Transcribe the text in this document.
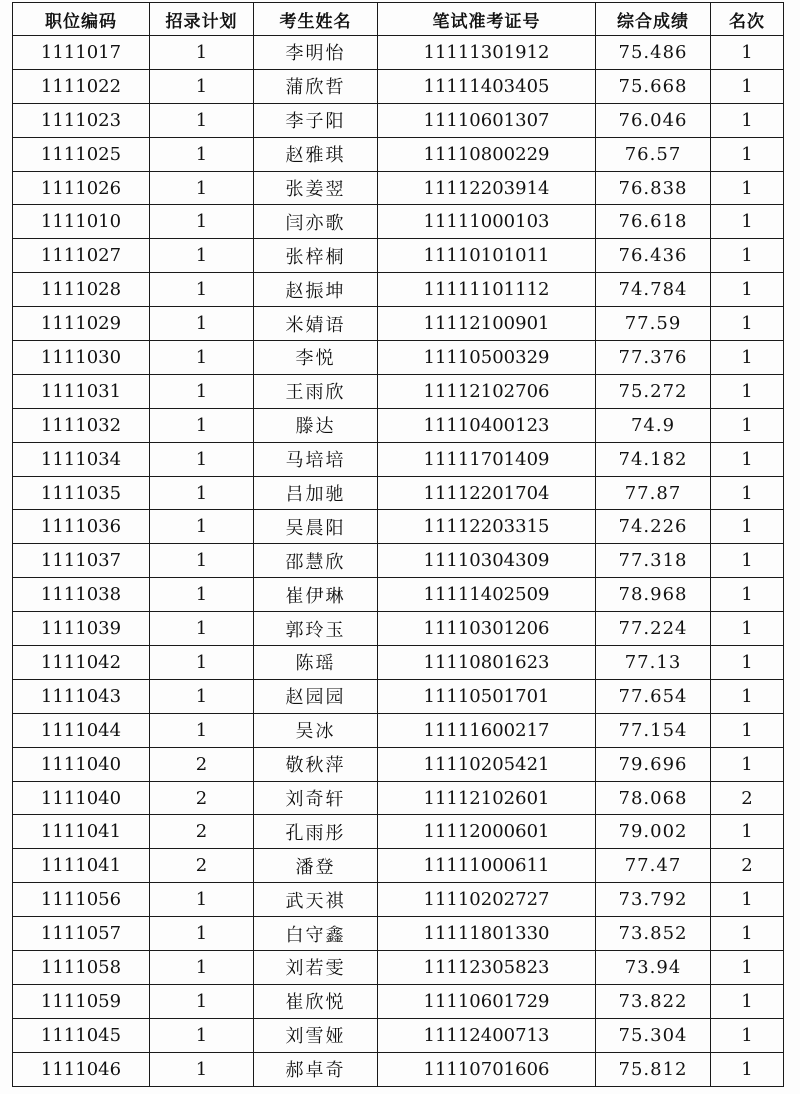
职位编码	招录计划	考生姓名	笔试准考证号	综合成绩	名次
1111017	1	李明怡	11111301912	75.486	1
1111022	1	蒲欣哲	11111403405	75.668	1
1111023	1	李子阳	11110601307	76.046	1
1111025	1	赵雅琪	11110800229	76.57	1
1111026	1	张姜翌	11112203914	76.838	1
1111010	1	闫亦歌	11111000103	76.618	1
1111027	1	张梓桐	11110101011	76.436	1
1111028	1	赵振坤	11111101112	74.784	1
1111029	1	米婧语	11112100901	77.59	1
1111030	1	李悦	11110500329	77.376	1
1111031	1	王雨欣	11112102706	75.272	1
1111032	1	滕达	11110400123	74.9	1
1111034	1	马培培	11111701409	74.182	1
1111035	1	吕加驰	11112201704	77.87	1
1111036	1	吴晨阳	11112203315	74.226	1
1111037	1	邵慧欣	11110304309	77.318	1
1111038	1	崔伊琳	11111402509	78.968	1
1111039	1	郭玲玉	11110301206	77.224	1
1111042	1	陈瑶	11110801623	77.13	1
1111043	1	赵园园	11110501701	77.654	1
1111044	1	吴冰	11111600217	77.154	1
1111040	2	敬秋萍	11110205421	79.696	1
1111040	2	刘奇轩	11112102601	78.068	2
1111041	2	孔雨彤	11112000601	79.002	1
1111041	2	潘登	11111000611	77.47	2
1111056	1	武天祺	11110202727	73.792	1
1111057	1	白守鑫	11111801330	73.852	1
1111058	1	刘若雯	11112305823	73.94	1
1111059	1	崔欣悦	11110601729	73.822	1
1111045	1	刘雪娅	11112400713	75.304	1
1111046	1	郝卓奇	11110701606	75.812	1
